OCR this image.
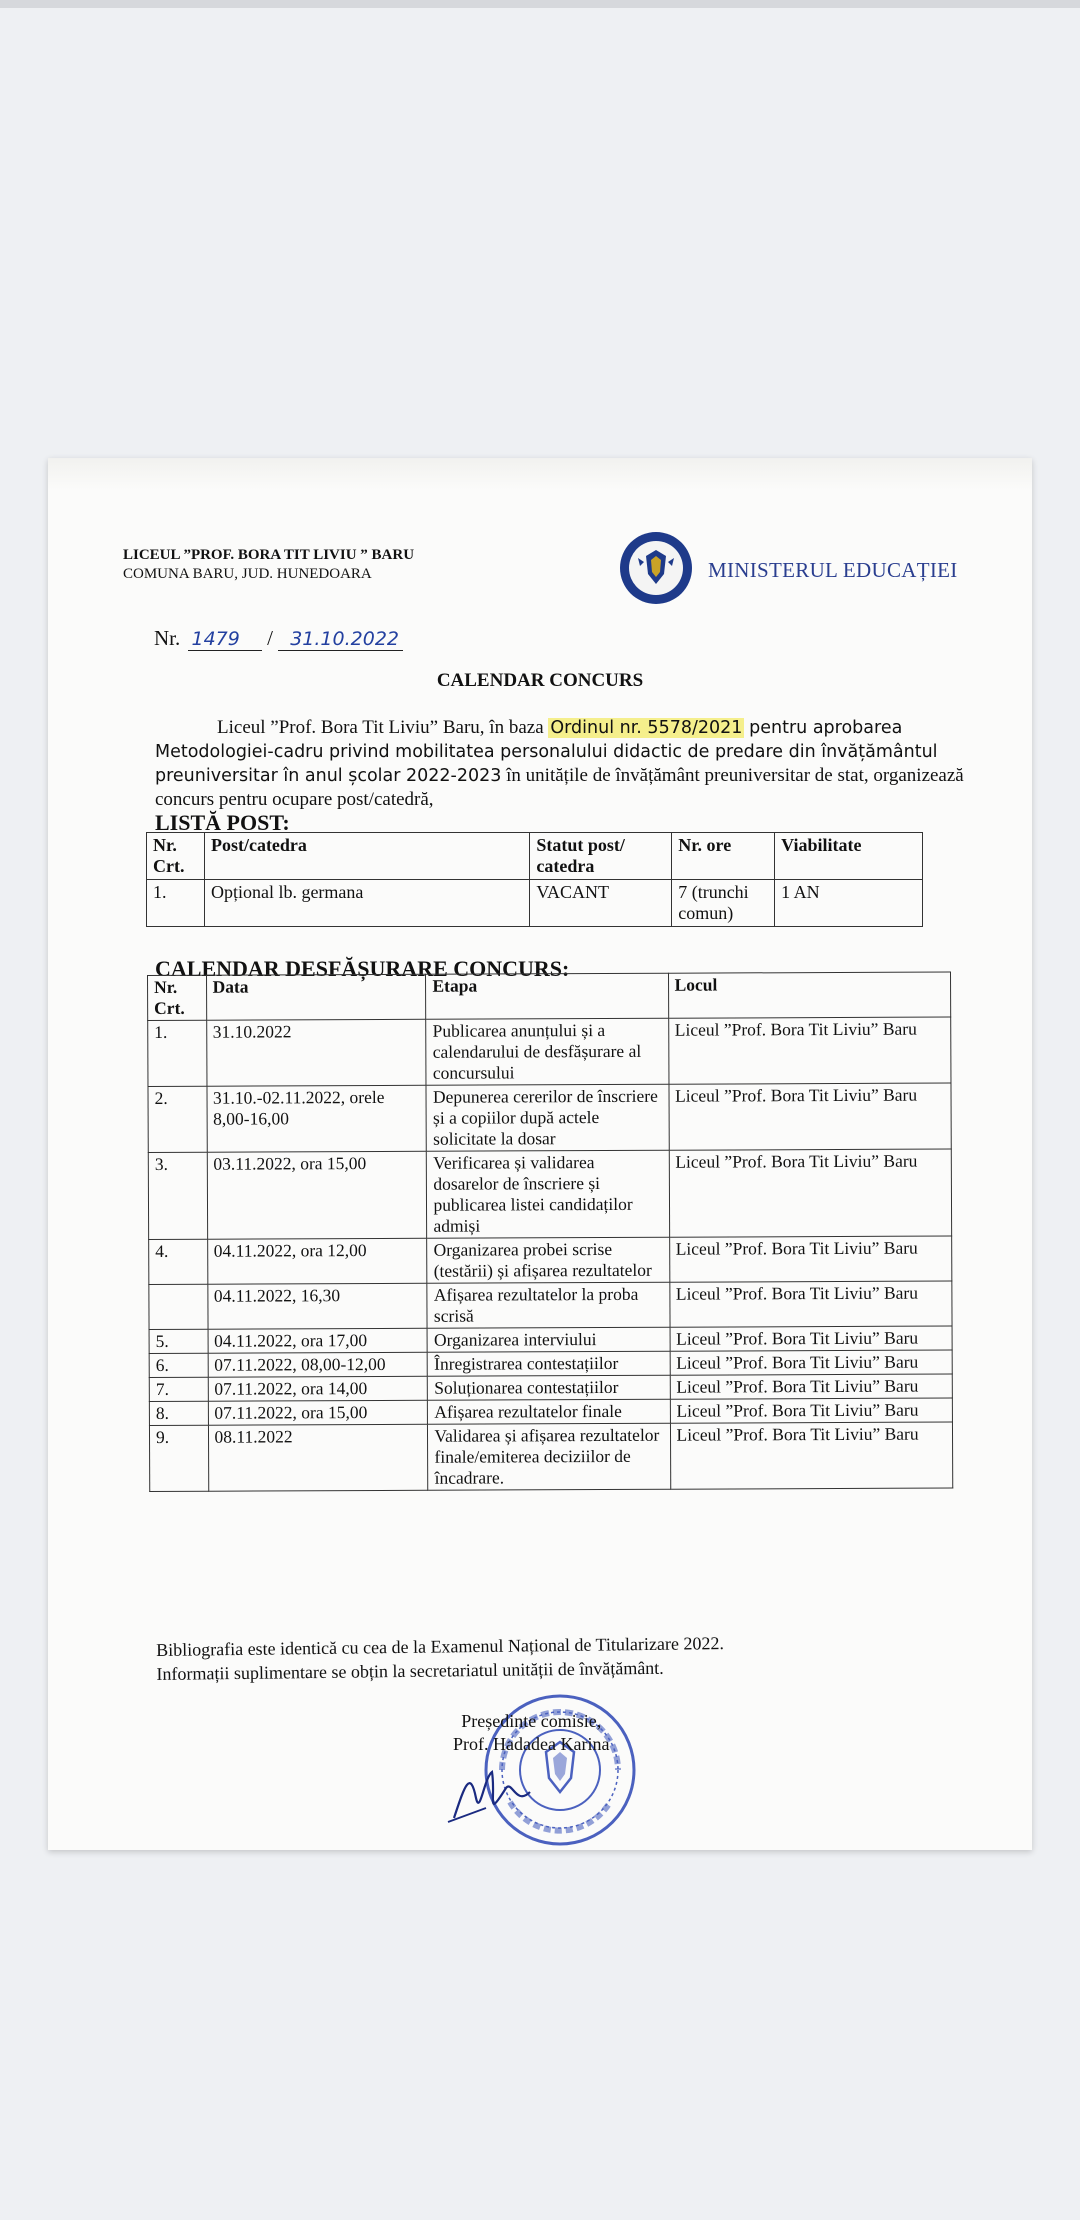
LICEUL ”PROF. BORA TIT LIVIU ” BARU
COMUNA BARU, JUD. HUNEDOARA	MINISTERUL EDUCAȚIEI
Nr. 1479 / 31.10.2022
CALENDAR CONCURS
Liceul ”Prof. Bora Tit Liviu” Baru, în baza Ordinul nr. 5578/2021 pentru aprobarea Metodologiei-cadru privind mobilitatea personalului didactic de predare din învățământul preuniversitar în anul școlar 2022-2023 în unitățile de învățământ preuniversitar de stat, organizează concurs pentru ocupare post/catedră,
LISTĂ POST:
Nr. Crt.	Post/catedra	Statut post/ catedra	Nr. ore	Viabilitate
1.	Opțional lb. germana	VACANT	7 (trunchi comun)	1 AN
CALENDAR DESFĂȘURARE CONCURS:
Nr. Crt.	Data	Etapa	Locul
1.	31.10.2022	Publicarea anunțului și a calendarului de desfășurare al concursului	Liceul ”Prof. Bora Tit Liviu” Baru
2.	31.10.-02.11.2022, orele 8,00-16,00	Depunerea cererilor de înscriere și a copiilor după actele solicitate la dosar	Liceul ”Prof. Bora Tit Liviu” Baru
3.	03.11.2022, ora 15,00	Verificarea și validarea dosarelor de înscriere și publicarea listei candidaților admiși	Liceul ”Prof. Bora Tit Liviu” Baru
4.	04.11.2022, ora 12,00	Organizarea probei scrise (testării) și afișarea rezultatelor	Liceul ”Prof. Bora Tit Liviu” Baru
	04.11.2022, 16,30	Afișarea rezultatelor la proba scrisă	Liceul ”Prof. Bora Tit Liviu” Baru
5.	04.11.2022, ora 17,00	Organizarea interviului	Liceul ”Prof. Bora Tit Liviu” Baru
6.	07.11.2022, 08,00-12,00	Înregistrarea contestațiilor	Liceul ”Prof. Bora Tit Liviu” Baru
7.	07.11.2022, ora 14,00	Soluționarea contestațiilor	Liceul ”Prof. Bora Tit Liviu” Baru
8.	07.11.2022, ora 15,00	Afișarea rezultatelor finale	Liceul ”Prof. Bora Tit Liviu” Baru
9.	08.11.2022	Validarea și afișarea rezultatelor finale/emiterea deciziilor de încadrare.	Liceul ”Prof. Bora Tit Liviu” Baru
Bibliografia este identică cu cea de la Examenul Național de Titularizare 2022.
Informații suplimentare se obțin la secretariatul unității de învățământ.
Președinte comisie,
Prof. Hadadea Karina
